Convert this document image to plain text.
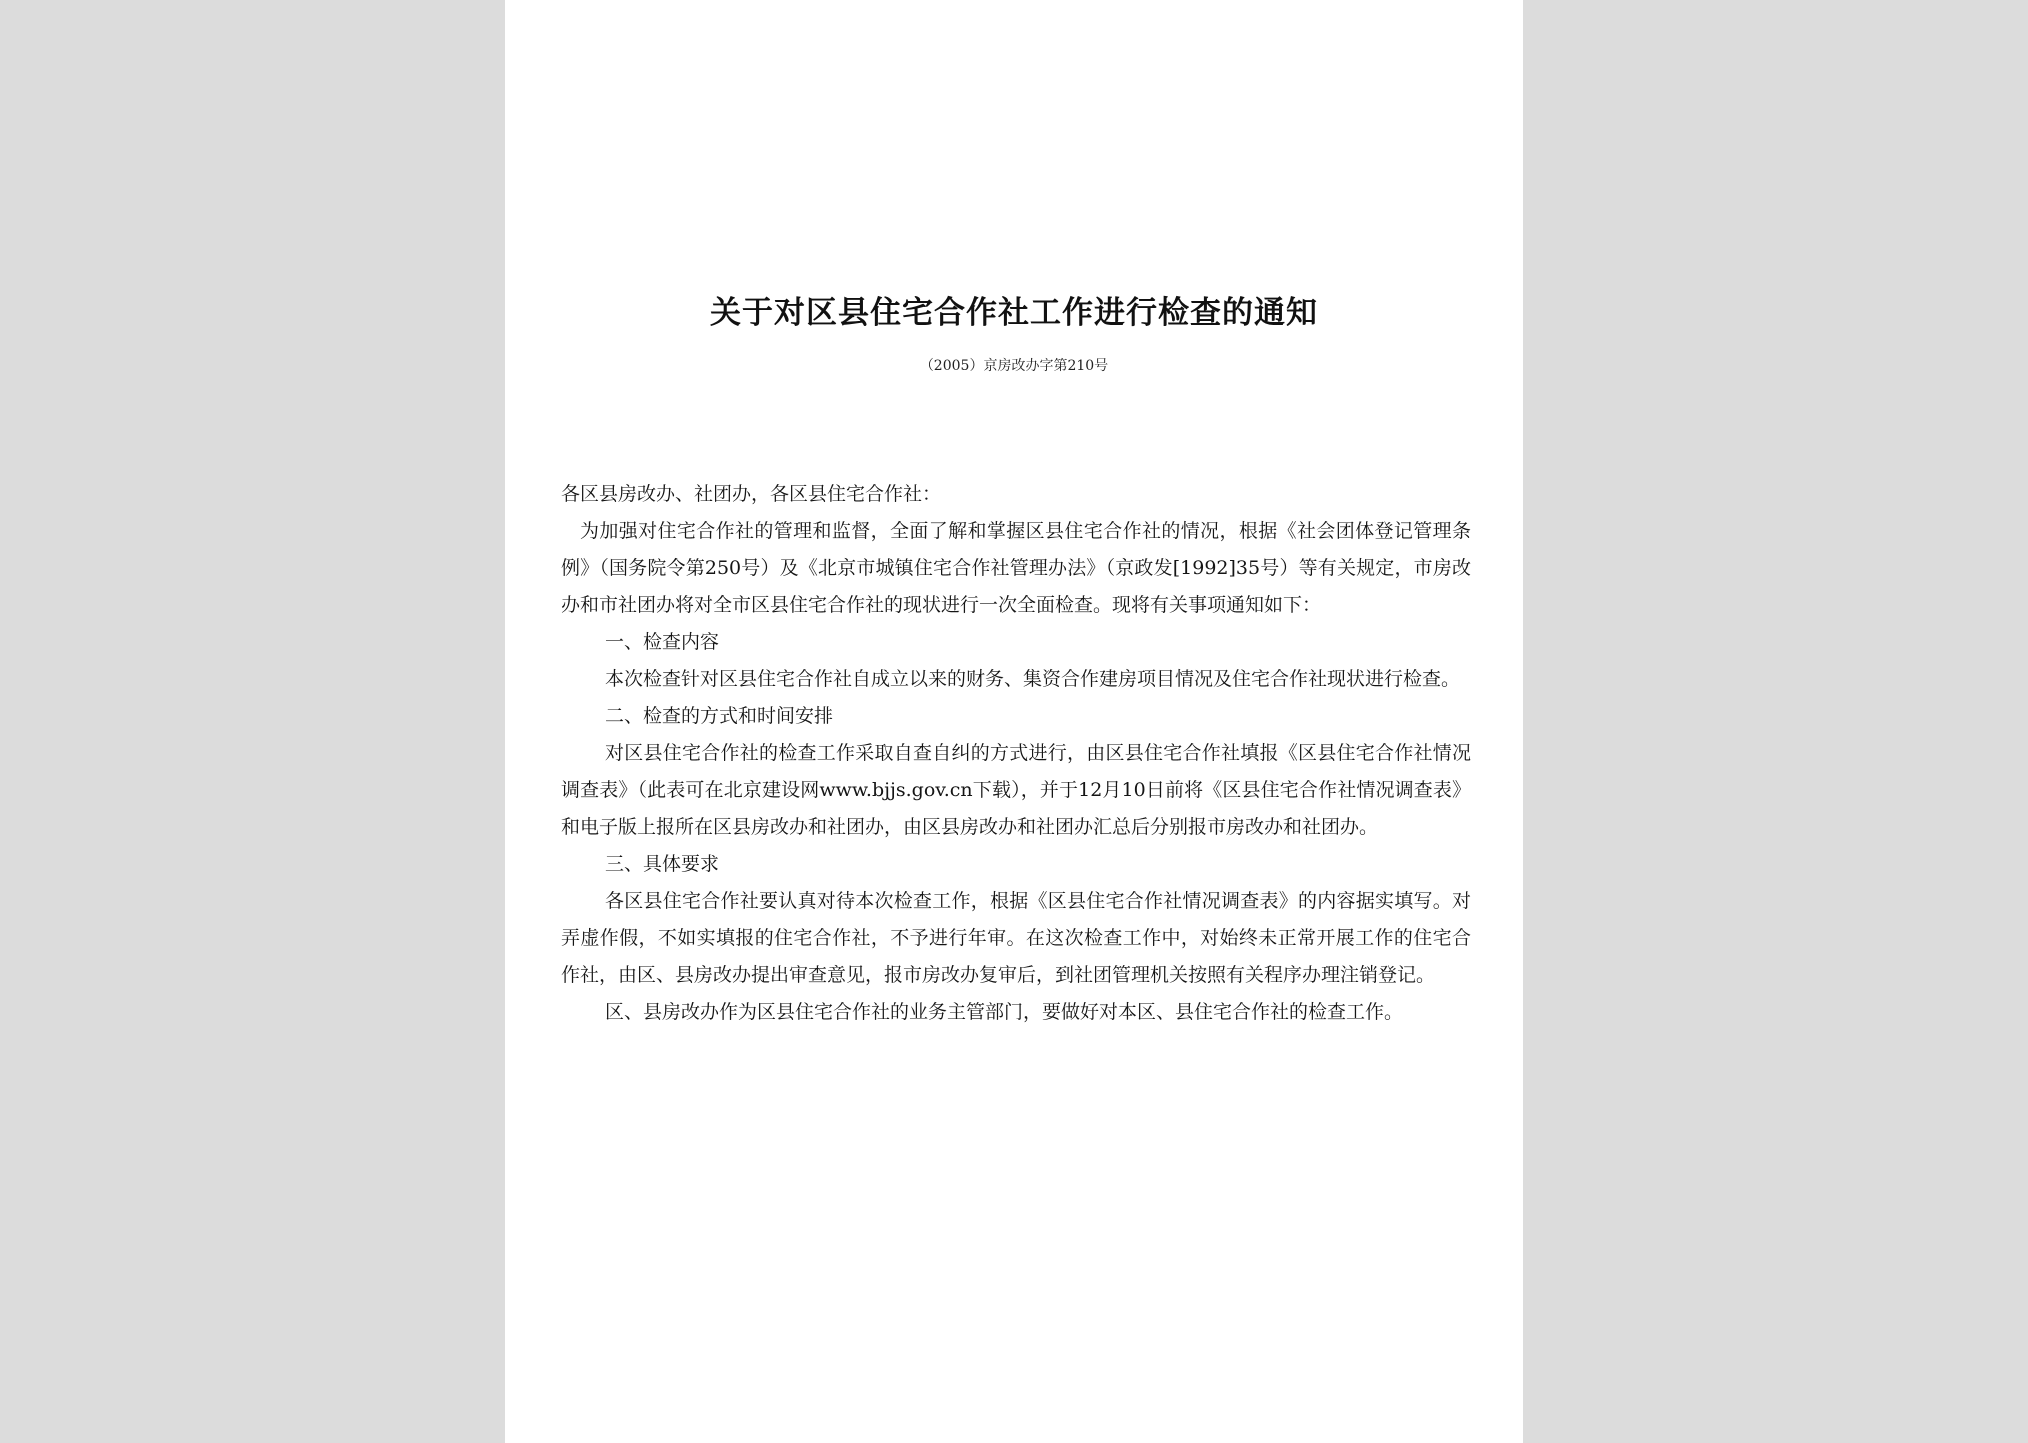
关于对区县住宅合作社工作进行检查的通知
（2005）京房改办字第210号

各区县房改办、社团办，各区县住宅合作社：

为加强对住宅合作社的管理和监督，全面了解和掌握区县住宅合作社的情况，根据《社会团体登记管理条例》（国务院令第250号）及《北京市城镇住宅合作社管理办法》（京政发[1992]35号）等有关规定，市房改办和市社团办将对全市区县住宅合作社的现状进行一次全面检查。现将有关事项通知如下：

一、检查内容

本次检查针对区县住宅合作社自成立以来的财务、集资合作建房项目情况及住宅合作社现状进行检查。

二、检查的方式和时间安排

对区县住宅合作社的检查工作采取自查自纠的方式进行，由区县住宅合作社填报《区县住宅合作社情况调查表》（此表可在北京建设网www.bjjs.gov.cn下载），并于12月10日前将《区县住宅合作社情况调查表》和电子版上报所在区县房改办和社团办，由区县房改办和社团办汇总后分别报市房改办和社团办。

三、具体要求

各区县住宅合作社要认真对待本次检查工作，根据《区县住宅合作社情况调查表》的内容据实填写。对弄虚作假，不如实填报的住宅合作社，不予进行年审。在这次检查工作中，对始终未正常开展工作的住宅合作社，由区、县房改办提出审查意见，报市房改办复审后，到社团管理机关按照有关程序办理注销登记。

区、县房改办作为区县住宅合作社的业务主管部门，要做好对本区、县住宅合作社的检查工作。
